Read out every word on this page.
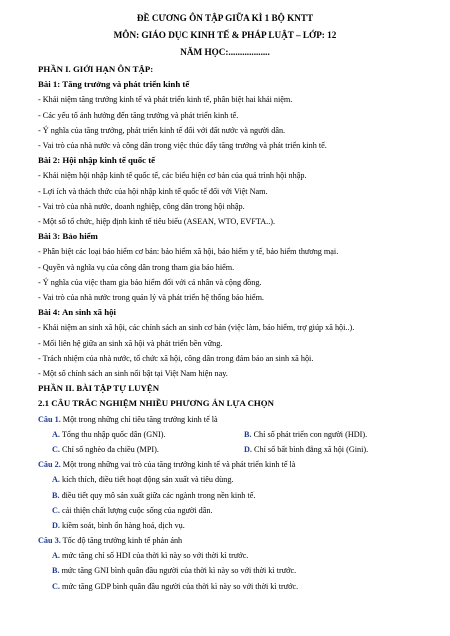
ĐỀ CƯƠNG ÔN TẬP GIỮA KÌ 1 BỘ KNTT
MÔN: GIÁO DỤC KINH TẾ & PHÁP LUẬT – LỚP: 12
NĂM HỌC:..................
PHẦN I. GIỚI HẠN ÔN TẬP:
Bài 1: Tăng trưởng và phát triển kinh tế
- Khái niệm tăng trưởng kinh tế và phát triển kinh tế, phân biệt hai khái niệm.
- Các yếu tố ảnh hưởng đến tăng trưởng và phát triển kinh tế.
- Ý nghĩa của tăng trưởng, phát triển kinh tế đối với đất nước và người dân.
- Vai trò của nhà nước và công dân trong việc thúc đẩy tăng trưởng và phát triển kinh tế.
Bài 2: Hội nhập kinh tế quốc tế
- Khái niệm hội nhập kinh tế quốc tế, các biểu hiện cơ bản của quá trình hội nhập.
- Lợi ích và thách thức của hội nhập kinh tế quốc tế đối với Việt Nam.
- Vai trò của nhà nước, doanh nghiệp, công dân trong hội nhập.
- Một số tổ chức, hiệp định kinh tế tiêu biểu (ASEAN, WTO, EVFTA..).
Bài 3: Bảo hiểm
- Phân biệt các loại bảo hiểm cơ bản: bảo hiểm xã hội, bảo hiểm y tế, bảo hiểm thương mại.
- Quyền và nghĩa vụ của công dân trong tham gia bảo hiểm.
- Ý nghĩa của việc tham gia bảo hiểm đối với cá nhân và cộng đồng.
- Vai trò của nhà nước trong quản lý và phát triển hệ thống bảo hiểm.
Bài 4: An sinh xã hội
- Khái niệm an sinh xã hội, các chính sách an sinh cơ bản (việc làm, bảo hiểm, trợ giúp xã hội..).
- Mối liên hệ giữa an sinh xã hội và phát triển bền vững.
- Trách nhiệm của nhà nước, tổ chức xã hội, công dân trong đảm bảo an sinh xã hội.
- Một số chính sách an sinh nổi bật tại Việt Nam hiện nay.
PHẦN II. BÀI TẬP TỰ LUYỆN
2.1 CÂU TRẮC NGHIỆM NHIỀU PHƯƠNG ÁN LỰA CHỌN
Câu 1. Một trong những chỉ tiêu tăng trưởng kinh tế là
A. Tổng thu nhập quốc dân (GNI).	B. Chỉ số phát triển con người (HDI).
C. Chỉ số nghèo đa chiều (MPI).	D. Chỉ số bất bình đẳng xã hội (Gini).
Câu 2. Một trong những vai trò của tăng trưởng kinh tế và phát triển kinh tế là
A. kích thích, điều tiết hoạt động sản xuất và tiêu dùng.
B. điều tiết quy mô sản xuất giữa các ngành trong nền kinh tế.
C. cải thiện chất lượng cuộc sống của người dân.
D. kiềm soát, bình ổn hàng hoá, dịch vụ.
Câu 3. Tốc độ tăng trưởng kinh tế phản ánh
A. mức tăng chỉ số HDI của thời kì này so với thời kì trước.
B. mức tăng GNI bình quân đầu người của thời kì này so với thời kì trước.
C. mức tăng GDP bình quân đầu người của thời kì này so với thời kì trước.
